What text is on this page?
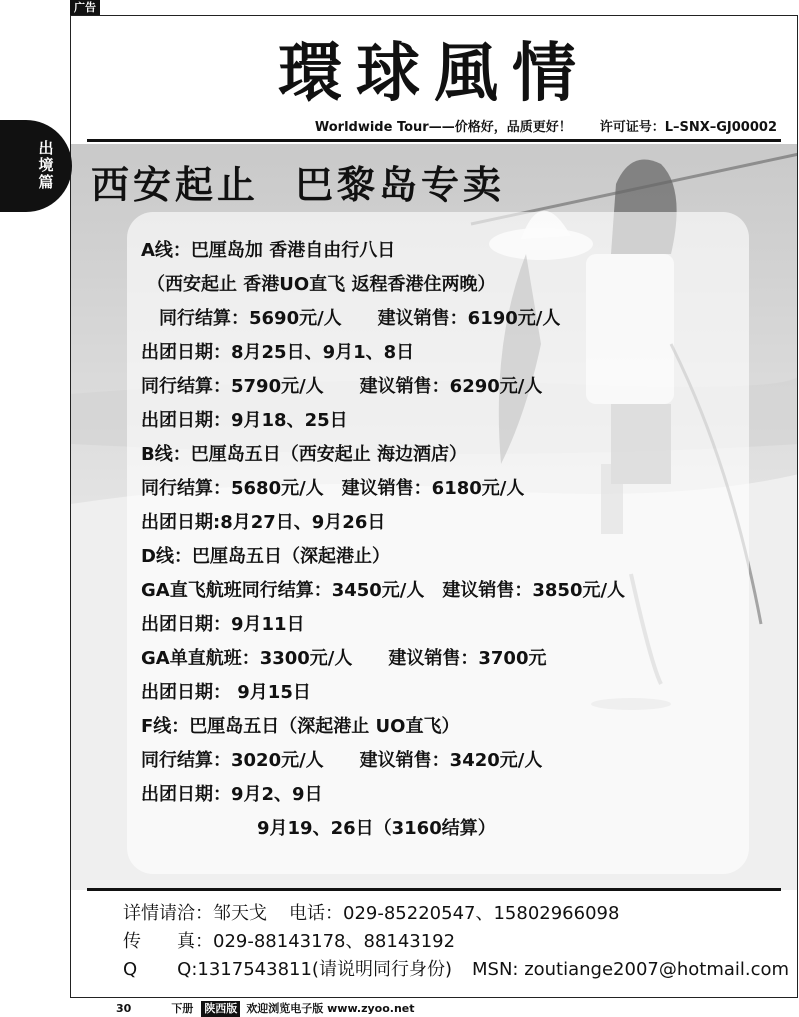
广告
環球風情
Worldwide Tour——价格好，品质更好！ 许可证号：L–SNX–GJ00002
西安起止 巴黎岛专卖
A线：巴厘岛加 香港自由行八日
（西安起止 香港UO直飞 返程香港住两晚）
同行结算：5690元/人　　建议销售：6190元/人
出团日期：8月25日、9月1、8日
同行结算：5790元/人　　建议销售：6290元/人
出团日期：9月18、25日
B线：巴厘岛五日（西安起止 海边酒店）
同行结算：5680元/人　建议销售：6180元/人
出团日期:8月27日、9月26日
D线：巴厘岛五日（深起港止）
GA直飞航班同行结算：3450元/人　建议销售：3850元/人
出团日期：9月11日
GA单直航班：3300元/人　　建议销售：3700元
出团日期： 9月15日
F线：巴厘岛五日（深起港止 UO直飞）
同行结算：3020元/人　　建议销售：3420元/人
出团日期：9月2、9日
9月19、26日（3160结算）
详情请洽：邹天戈 电话：029-85220547、15802966098
传　　真：029-88143178、88143192
Q Q:1317543811(请说明同行身份) MSN: zoutiange2007@hotmail.com
出境篇
30	下册 陕西版 欢迎浏览电子版 www.zyoo.net
